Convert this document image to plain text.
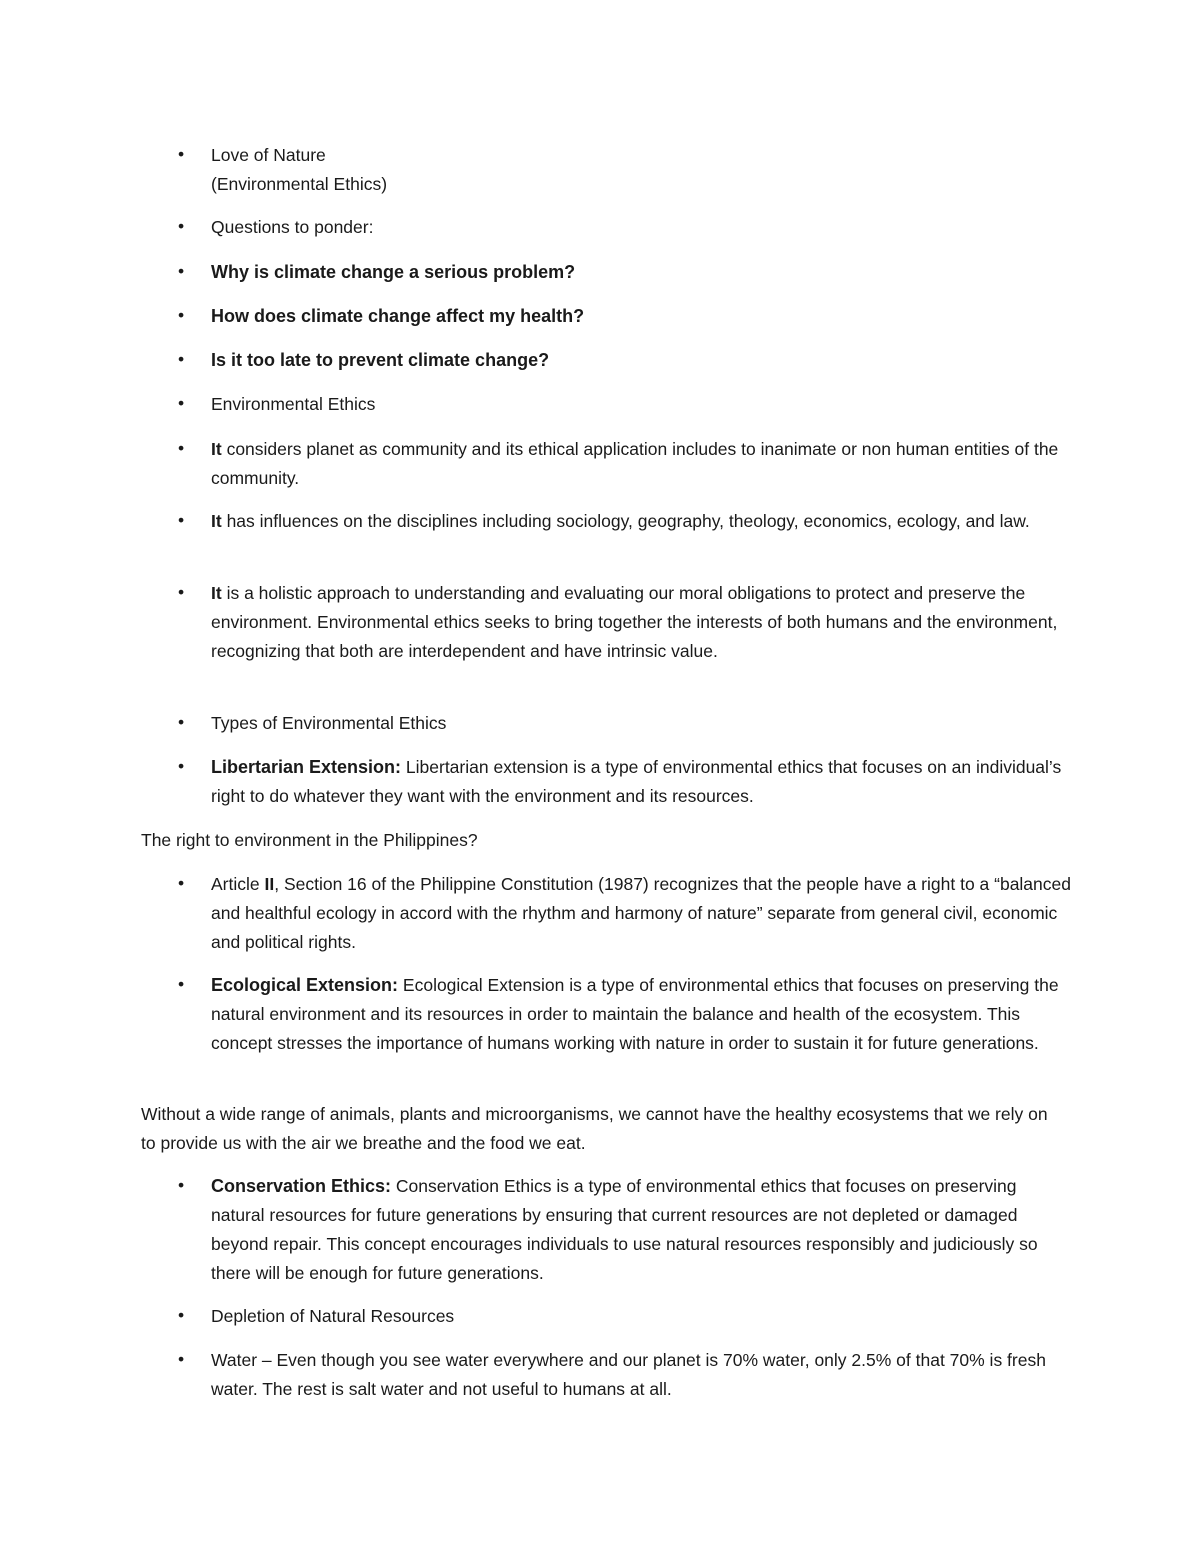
• Love of Nature
(Environmental Ethics)
• Questions to ponder:
• Why is climate change a serious problem?
• How does climate change affect my health?
• Is it too late to prevent climate change?
• Environmental Ethics
• It considers planet as community and its ethical application includes to inanimate or non human entities of the community.
• It has influences on the disciplines including sociology, geography, theology, economics, ecology, and law.
• It is a holistic approach to understanding and evaluating our moral obligations to protect and preserve the environment. Environmental ethics seeks to bring together the interests of both humans and the environment, recognizing that both are interdependent and have intrinsic value.
• Types of Environmental Ethics
• Libertarian Extension: Libertarian extension is a type of environmental ethics that focuses on an individual’s right to do whatever they want with the environment and its resources.
The right to environment in the Philippines?
• Article II, Section 16 of the Philippine Constitution (1987) recognizes that the people have a right to a “balanced and healthful ecology in accord with the rhythm and harmony of nature” separate from general civil, economic and political rights.
• Ecological Extension: Ecological Extension is a type of environmental ethics that focuses on preserving the natural environment and its resources in order to maintain the balance and health of the ecosystem. This concept stresses the importance of humans working with nature in order to sustain it for future generations.
Without a wide range of animals, plants and microorganisms, we cannot have the healthy ecosystems that we rely on to provide us with the air we breathe and the food we eat.
• Conservation Ethics: Conservation Ethics is a type of environmental ethics that focuses on preserving natural resources for future generations by ensuring that current resources are not depleted or damaged beyond repair. This concept encourages individuals to use natural resources responsibly and judiciously so there will be enough for future generations.
• Depletion of Natural Resources
• Water – Even though you see water everywhere and our planet is 70% water, only 2.5% of that 70% is fresh water. The rest is salt water and not useful to humans at all.
